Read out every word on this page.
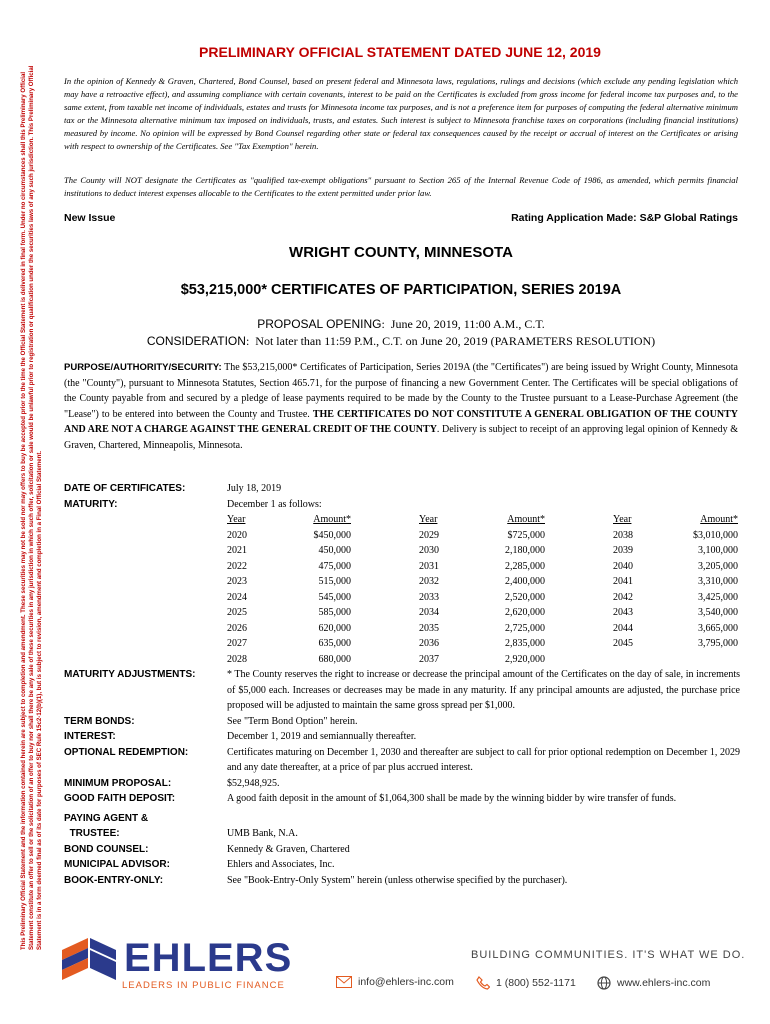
This Preliminary Official Statement and the information contained herein are subject to completion and amendment. These securities may not be sold nor may offers to buy be accepted prior to the time the Official Statement is delivered in final form. Under no circumstances shall this Preliminary Official Statement constitute an offer to sell or the solicitation of an offer to buy nor shall there be any sale of these securities in any jurisdiction in which such offer, solicitation or sale would be unlawful prior to registration or qualification under the securities laws of any such jurisdiction. This Preliminary Official Statement is in a form deemed final as of its date for purposes of SEC Rule 15c2-12(b)(1), but is subject to revision, amendment and completion in a Final Official Statement.
PRELIMINARY OFFICIAL STATEMENT DATED JUNE 12, 2019
In the opinion of Kennedy & Graven, Chartered, Bond Counsel, based on present federal and Minnesota laws, regulations, rulings and decisions (which exclude any pending legislation which may have a retroactive effect), and assuming compliance with certain covenants, interest to be paid on the Certificates is excluded from gross income for federal income tax purposes and, to the same extent, from taxable net income of individuals, estates and trusts for Minnesota income tax purposes, and is not a preference item for purposes of computing the federal alternative minimum tax or the Minnesota alternative minimum tax imposed on individuals, trusts, and estates. Such interest is subject to Minnesota franchise taxes on corporations (including financial institutions) measured by income. No opinion will be expressed by Bond Counsel regarding other state or federal tax consequences caused by the receipt or accrual of interest on the Certificates or arising with respect to ownership of the Certificates. See "Tax Exemption" herein.
The County will NOT designate the Certificates as "qualified tax-exempt obligations" pursuant to Section 265 of the Internal Revenue Code of 1986, as amended, which permits financial institutions to deduct interest expenses allocable to the Certificates to the extent permitted under prior law.
New Issue	Rating Application Made: S&P Global Ratings
WRIGHT COUNTY, MINNESOTA
$53,215,000* CERTIFICATES OF PARTICIPATION, SERIES 2019A
PROPOSAL OPENING:  June 20, 2019, 11:00 A.M., C.T.
CONSIDERATION:  Not later than 11:59 P.M., C.T. on June 20, 2019 (PARAMETERS RESOLUTION)
PURPOSE/AUTHORITY/SECURITY: The $53,215,000* Certificates of Participation, Series 2019A (the "Certificates") are being issued by Wright County, Minnesota (the "County"), pursuant to Minnesota Statutes, Section 465.71, for the purpose of financing a new Government Center. The Certificates will be special obligations of the County payable from and secured by a pledge of lease payments required to be made by the County to the Trustee pursuant to a Lease-Purchase Agreement (the "Lease") to be entered into between the County and Trustee. THE CERTIFICATES DO NOT CONSTITUTE A GENERAL OBLIGATION OF THE COUNTY AND ARE NOT A CHARGE AGAINST THE GENERAL CREDIT OF THE COUNTY. Delivery is subject to receipt of an approving legal opinion of Kennedy & Graven, Chartered, Minneapolis, Minnesota.
DATE OF CERTIFICATES:	July 18, 2019
MATURITY:	December 1 as follows:
Year	Amount*	Year	Amount*	Year	Amount*
2020	$450,000	2029	$725,000	2038	$3,010,000
2021	450,000	2030	2,180,000	2039	3,100,000
2022	475,000	2031	2,285,000	2040	3,205,000
2023	515,000	2032	2,400,000	2041	3,310,000
2024	545,000	2033	2,520,000	2042	3,425,000
2025	585,000	2034	2,620,000	2043	3,540,000
2026	620,000	2035	2,725,000	2044	3,665,000
2027	635,000	2036	2,835,000	2045	3,795,000
2028	680,000	2037	2,920,000		
MATURITY ADJUSTMENTS:	* The County reserves the right to increase or decrease the principal amount of the Certificates on the day of sale, in increments of $5,000 each. Increases or decreases may be made in any maturity. If any principal amounts are adjusted, the purchase price proposed will be adjusted to maintain the same gross spread per $1,000.
TERM BONDS:	See "Term Bond Option" herein.
INTEREST:	December 1, 2019 and semiannually thereafter.
OPTIONAL REDEMPTION:	Certificates maturing on December 1, 2030 and thereafter are subject to call for prior optional redemption on December 1, 2029 and any date thereafter, at a price of par plus accrued interest.
MINIMUM PROPOSAL:	$52,948,925.
GOOD FAITH DEPOSIT:	A good faith deposit in the amount of $1,064,300 shall be made by the winning bidder by wire transfer of funds.
PAYING AGENT &
TRUSTEE:
	UMB Bank, N.A.
BOND COUNSEL:	Kennedy & Graven, Chartered
MUNICIPAL ADVISOR:	Ehlers and Associates, Inc.
BOOK-ENTRY-ONLY:	See "Book-Entry-Only System" herein (unless otherwise specified by the purchaser).
EHLERS
LEADERS IN PUBLIC FINANCE
BUILDING COMMUNITIES. IT'S WHAT WE DO.
info@ehlers-inc.com	1 (800) 552-1171	www.ehlers-inc.com
